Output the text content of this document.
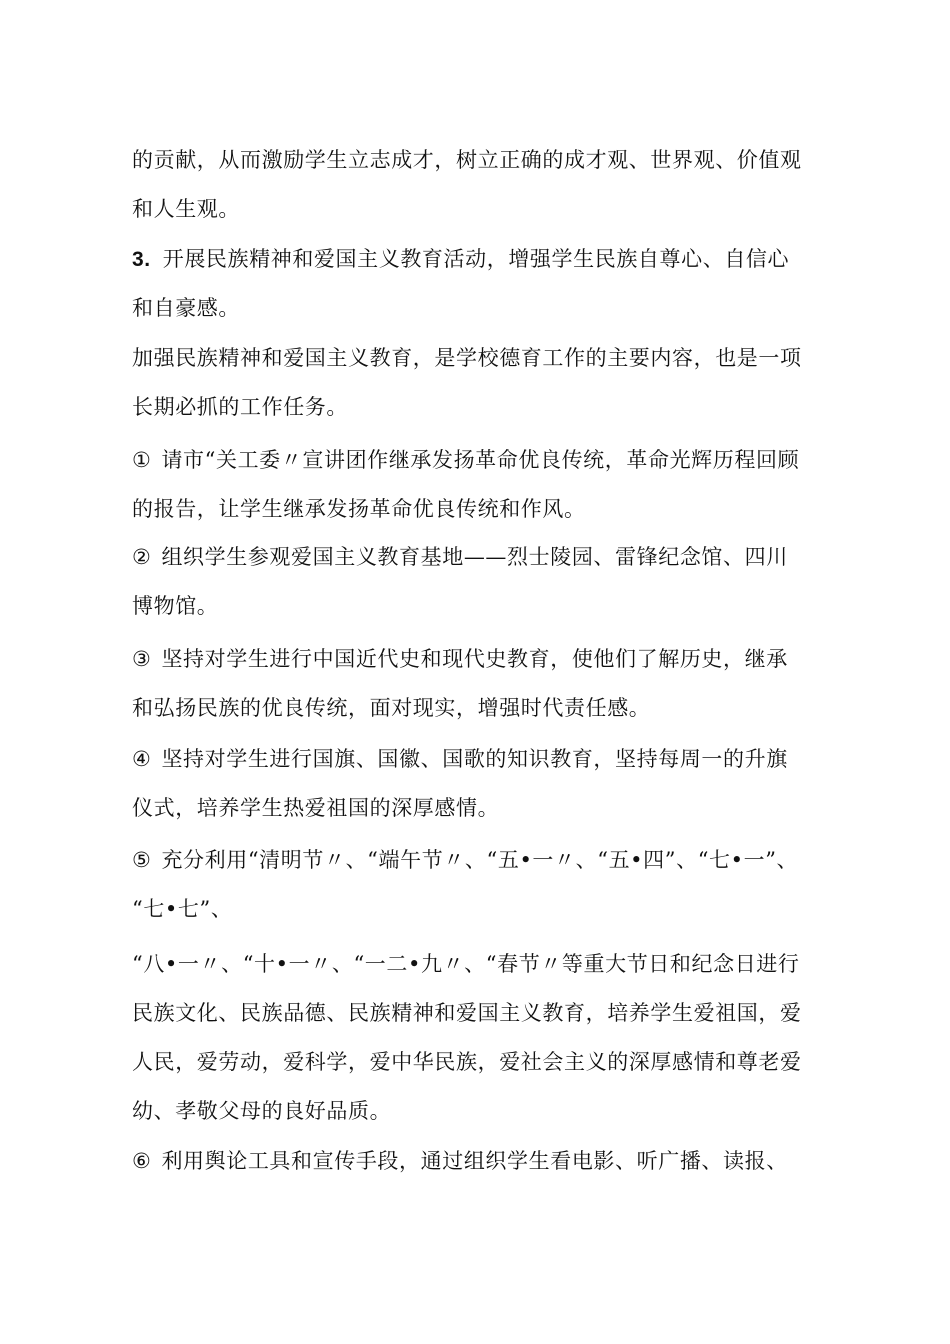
的贡献，从而激励学生立志成才，树立正确的成才观、世界观、价值观
和人生观。

3. 开展民族精神和爱国主义教育活动，增强学生民族自尊心、自信心
和自豪感。

加强民族精神和爱国主义教育，是学校德育工作的主要内容，也是一项
长期必抓的工作任务。

① 请市“关工委〃宣讲团作继承发扬革命优良传统，革命光辉历程回顾
的报告，让学生继承发扬革命优良传统和作风。

② 组织学生参观爱国主义教育基地——烈士陵园、雷锋纪念馆、四川
博物馆。

③ 坚持对学生进行中国近代史和现代史教育，使他们了解历史，继承
和弘扬民族的优良传统，面对现实，增强时代责任感。

④ 坚持对学生进行国旗、国徽、国歌的知识教育，坚持每周一的升旗
仪式，培养学生热爱祖国的深厚感情。

⑤ 充分利用“清明节〃、“端午节〃、“五•一〃、“五•四”、“七•一”、
“七•七”、

“八•一〃、“十•一〃、“一二•九〃、“春节〃等重大节日和纪念日进行
民族文化、民族品德、民族精神和爱国主义教育，培养学生爱祖国，爱
人民，爱劳动，爱科学，爱中华民族，爱社会主义的深厚感情和尊老爱
幼、孝敬父母的良好品质。

⑥ 利用舆论工具和宣传手段，通过组织学生看电影、听广播、读报、
